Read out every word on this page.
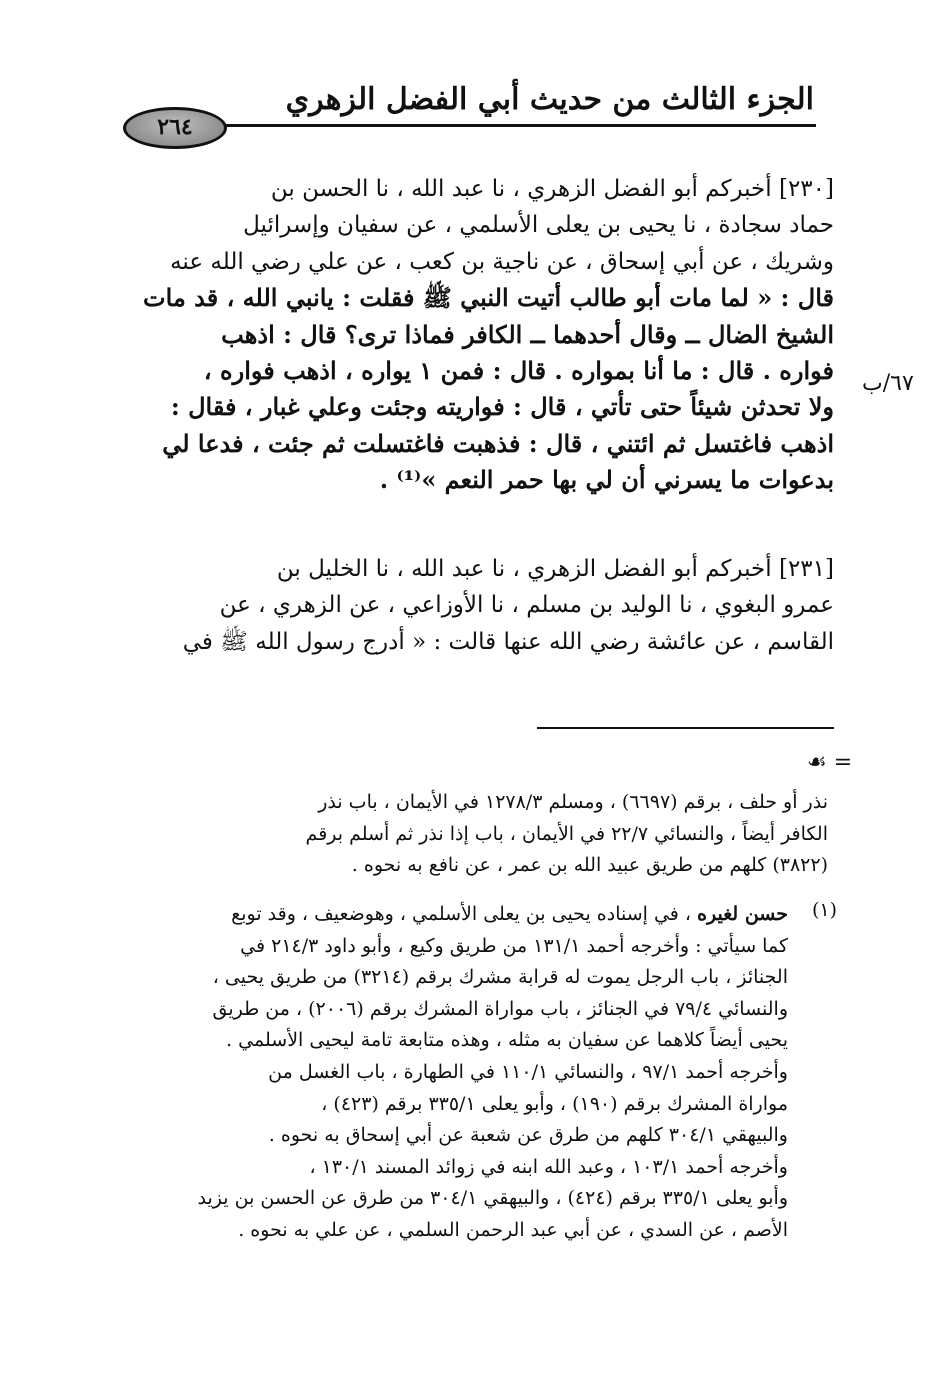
الجزء الثالث من حديث أبي الفضل الزهري
٢٦٤
[٢٣٠] أخبركم أبو الفضل الزهري ، نا عبد الله ، نا الحسن بن
حماد سجادة ، نا يحيى بن يعلى الأسلمي ، عن سفيان وإسرائيل
وشريك ، عن أبي إسحاق ، عن ناجية بن كعب ، عن علي رضي الله عنه
قال : « لما مات أبو طالب أتيت النبي ﷺ فقلت : يانبي الله ، قد مات
الشيخ الضال ــ وقال أحدهما ــ الكافر فماذا ترى؟ قال : اذهب
فواره . قال : ما أنا بمواره . قال : فمن ١ يواره ، اذهب فواره ،
ولا تحدثن شيئاً حتى تأتي ، قال : فواريته وجئت وعلي غبار ، فقال :
اذهب فاغتسل ثم ائتني ، قال : فذهبت فاغتسلت ثم جئت ، فدعا لي
بدعوات ما يسرني أن لي بها حمر النعم »⁽¹⁾ .
٦٧/ب
[٢٣١] أخبركم أبو الفضل الزهري ، نا عبد الله ، نا الخليل بن
عمرو البغوي ، نا الوليد بن مسلم ، نا الأوزاعي ، عن الزهري ، عن
القاسم ، عن عائشة رضي الله عنها قالت : « أدرج رسول الله ﷺ في
= ☙
نذر أو حلف ، برقم (٦٦٩٧) ، ومسلم ١٢٧٨/٣ في الأيمان ، باب نذر
الكافر أيضاً ، والنسائي ٢٢/٧ في الأيمان ، باب إذا نذر ثم أسلم برقم
(٣٨٢٢) كلهم من طريق عبيد الله بن عمر ، عن نافع به نحوه .
(١)
حسن لغيره ، في إسناده يحيى بن يعلى الأسلمي ، وهوضعيف ، وقد توبع
كما سيأتي : وأخرجه أحمد ١٣١/١ من طريق وكيع ، وأبو داود ٢١٤/٣ في
الجنائز ، باب الرجل يموت له قرابة مشرك برقم (٣٢١٤) من طريق يحيى ،
والنسائي ٧٩/٤ في الجنائز ، باب مواراة المشرك برقم (٢٠٠٦) ، من طريق
يحيى أيضاً كلاهما عن سفيان به مثله ، وهذه متابعة تامة ليحيى الأسلمي .
وأخرجه أحمد ٩٧/١ ، والنسائي ١١٠/١ في الطهارة ، باب الغسل من
مواراة المشرك برقم (١٩٠) ، وأبو يعلى ٣٣٥/١ برقم (٤٢٣) ،
والبيهقي ٣٠٤/١ كلهم من طرق عن شعبة عن أبي إسحاق به نحوه .
وأخرجه أحمد ١٠٣/١ ، وعبد الله ابنه في زوائد المسند ١٣٠/١ ،
وأبو يعلى ٣٣٥/١ برقم (٤٢٤) ، والبيهقي ٣٠٤/١ من طرق عن الحسن بن يزيد
الأصم ، عن السدي ، عن أبي عبد الرحمن السلمي ، عن علي به نحوه .
